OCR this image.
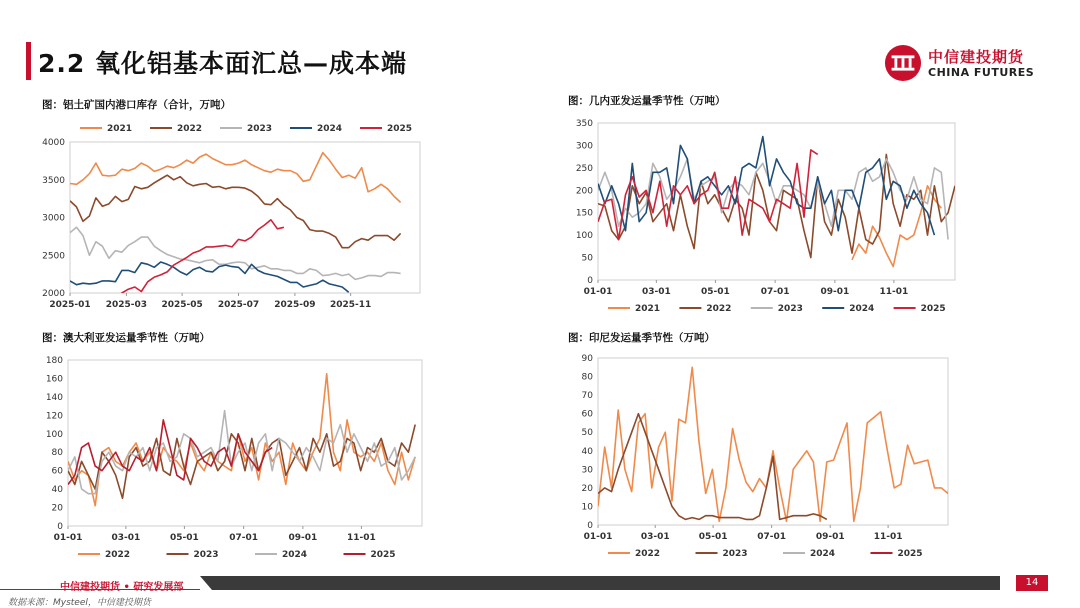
2.2 氧化铝基本面汇总—成本端	中信建投期货
CHINA FUTURES
图：铝土矿国内港口库存（合计，万吨）	图：几内亚发运量季节性（万吨）
图：澳大利亚发运量季节性（万吨）	图：印尼发运量季节性（万吨）
2000
2500
3000
3500
4000
2025-01 2025-03 2025-05 2025-07 2025-09 2025-11
2021	2022	2023	2024	2025
0
50
100
150
200
250
300
350
01-01	03-01	05-01	07-01	09-01	11-01
2021	2022	2023	2024	2025
0
20
40
60
80
100
120
140
160
180
01-01	03-01	05-01	07-01	09-01	11-01
2022	2023	2024	2025
0
10
20
30
40
50
60
70
80
90
01-01	03-01	05-01	07-01	09-01	11-01
2022	2023	2024	2025
中信建投期货 • 研究发展部	14
数据来源：Mysteel，中信建投期货
